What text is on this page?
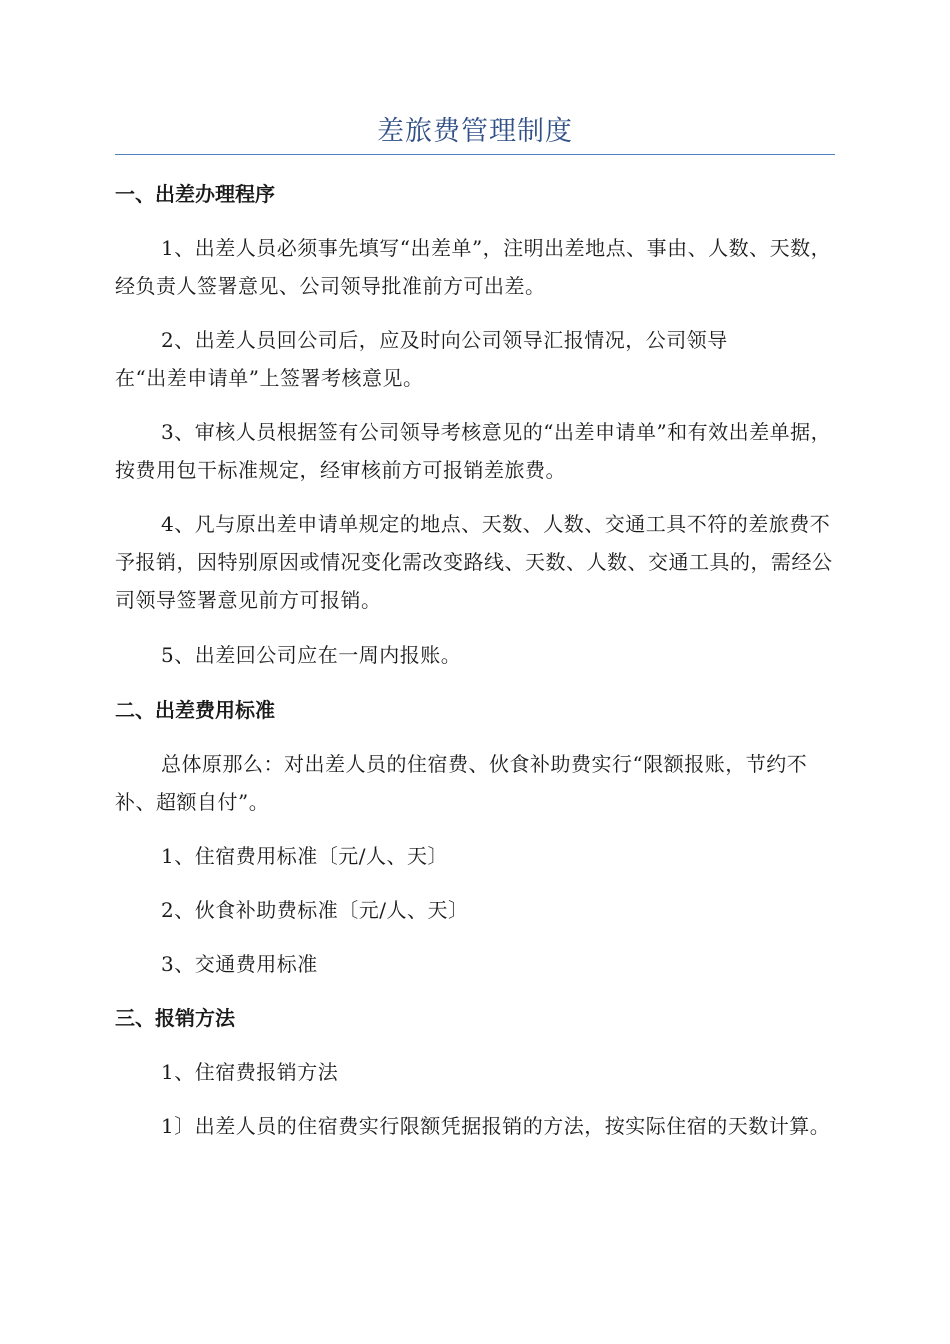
差旅费管理制度
一、出差办理程序
1、出差人员必须事先填写“出差单”，注明出差地点、事由、人数、天数，经负责人签署意见、公司领导批准前方可出差。
2、出差人员回公司后，应及时向公司领导汇报情况，公司领导在“出差申请单”上签署考核意见。
3、审核人员根据签有公司领导考核意见的“出差申请单”和有效出差单据，按费用包干标准规定，经审核前方可报销差旅费。
4、凡与原出差申请单规定的地点、天数、人数、交通工具不符的差旅费不予报销，因特别原因或情况变化需改变路线、天数、人数、交通工具的，需经公司领导签署意见前方可报销。
5、出差回公司应在一周内报账。
二、出差费用标准
总体原那么：对出差人员的住宿费、伙食补助费实行“限额报账，节约不补、超额自付”。
1、住宿费用标准〔元/人、天〕
2、伙食补助费标准〔元/人、天〕
3、交通费用标准
三、报销方法
1、住宿费报销方法
1〕出差人员的住宿费实行限额凭据报销的方法，按实际住宿的天数计算。
